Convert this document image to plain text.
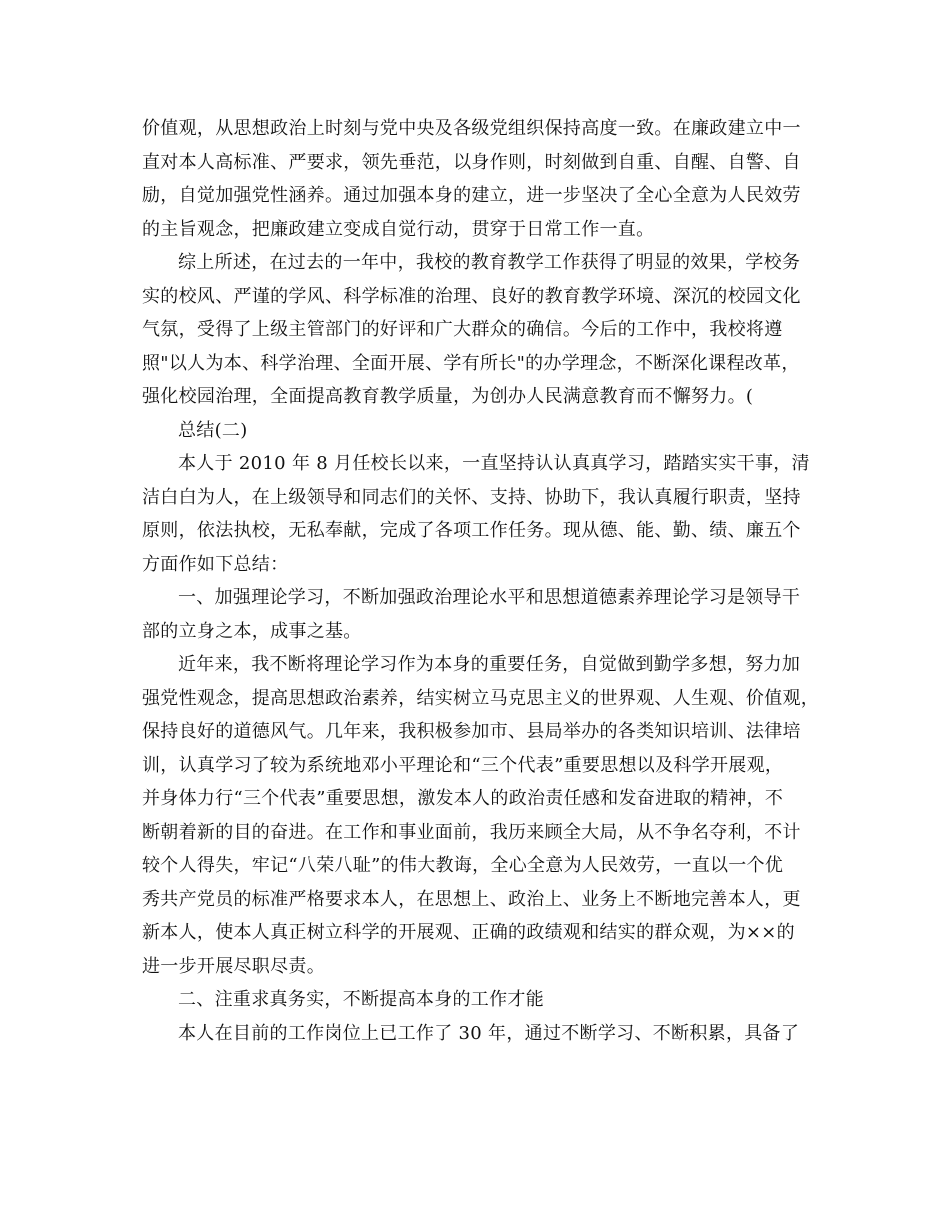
价值观，从思想政治上时刻与党中央及各级党组织保持高度一致。在廉政建立中一
直对本人高标准、严要求，领先垂范，以身作则，时刻做到自重、自醒、自警、自
励，自觉加强党性涵养。通过加强本身的建立，进一步坚决了全心全意为人民效劳
的主旨观念，把廉政建立变成自觉行动，贯穿于日常工作一直。
综上所述，在过去的一年中，我校的教育教学工作获得了明显的效果，学校务
实的校风、严谨的学风、科学标准的治理、良好的教育教学环境、深沉的校园文化
气氛，受得了上级主管部门的好评和广大群众的确信。今后的工作中，我校将遵
照"以人为本、科学治理、全面开展、学有所长"的办学理念，不断深化课程改革，
强化校园治理，全面提高教育教学质量，为创办人民满意教育而不懈努力。(
总结(二)
本人于 2010 年 8 月任校长以来，一直坚持认认真真学习，踏踏实实干事，清
洁白白为人，在上级领导和同志们的关怀、支持、协助下，我认真履行职责，坚持
原则，依法执校，无私奉献，完成了各项工作任务。现从德、能、勤、绩、廉五个
方面作如下总结：
一、加强理论学习，不断加强政治理论水平和思想道德素养理论学习是领导干
部的立身之本，成事之基。
近年来，我不断将理论学习作为本身的重要任务，自觉做到勤学多想，努力加
强党性观念，提高思想政治素养，结实树立马克思主义的世界观、人生观、价值观，
保持良好的道德风气。几年来，我积极参加市、县局举办的各类知识培训、法律培
训，认真学习了较为系统地邓小平理论和“三个代表”重要思想以及科学开展观，
并身体力行“三个代表”重要思想，激发本人的政治责任感和发奋进取的精神，不
断朝着新的目的奋进。在工作和事业面前，我历来顾全大局，从不争名夺利，不计
较个人得失，牢记“八荣八耻”的伟大教诲，全心全意为人民效劳，一直以一个优
秀共产党员的标准严格要求本人，在思想上、政治上、业务上不断地完善本人，更
新本人，使本人真正树立科学的开展观、正确的政绩观和结实的群众观，为××的
进一步开展尽职尽责。
二、注重求真务实，不断提高本身的工作才能
本人在目前的工作岗位上已工作了 30 年，通过不断学习、不断积累，具备了
